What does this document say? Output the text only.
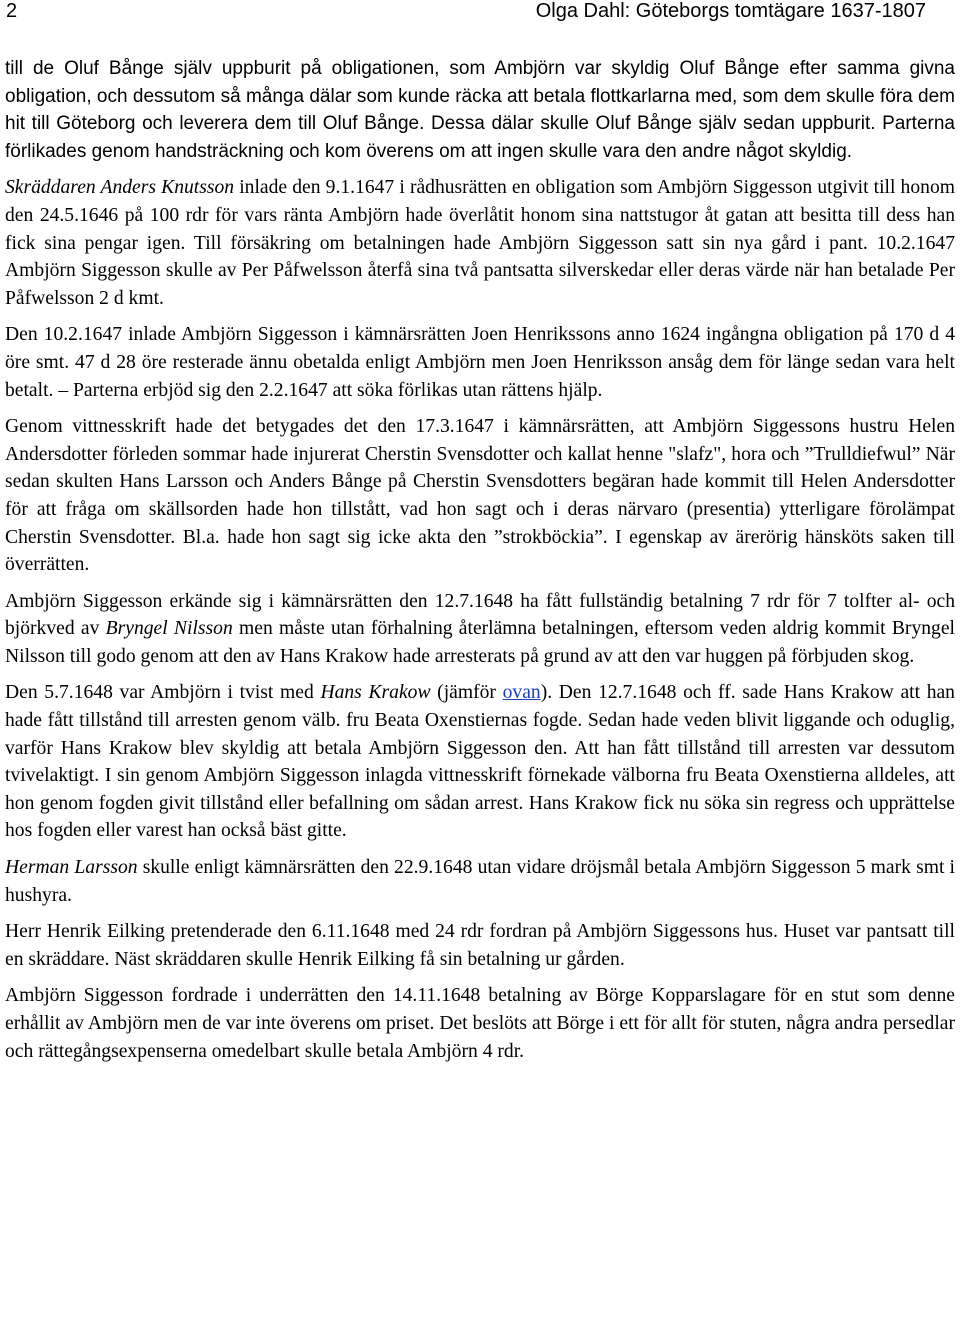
2	Olga Dahl: Göteborgs tomtägare 1637-1807

till de Oluf Bånge själv uppburit på obligationen, som Ambjörn var skyldig Oluf Bånge efter samma givna obligation, och dessutom så många dälar som kunde räcka att betala flottkarlarna med, som dem skulle föra dem hit till Göteborg och leverera dem till Oluf Bånge. Dessa dälar skulle Oluf Bånge själv sedan uppburit. Parterna förlikades genom handsträckning och kom överens om att ingen skulle vara den andre något skyldig.

Skräddaren Anders Knutsson inlade den 9.1.1647 i rådhusrätten en obligation som Ambjörn Siggesson utgivit till honom den 24.5.1646 på 100 rdr för vars ränta Ambjörn hade överlåtit honom sina nattstugor åt gatan att besitta till dess han fick sina pengar igen. Till försäkring om betalningen hade Ambjörn Siggesson satt sin nya gård i pant. 10.2.1647 Ambjörn Siggesson skulle av Per Påfwelsson återfå sina två pantsatta silverskedar eller deras värde när han betalade Per Påfwelsson 2 d kmt.

Den 10.2.1647 inlade Ambjörn Siggesson i kämnärsrätten Joen Henrikssons anno 1624 ingångna obligation på 170 d 4 öre smt. 47 d 28 öre resterade ännu obetalda enligt Ambjörn men Joen Henriksson ansåg dem för länge sedan vara helt betalt. – Parterna erbjöd sig den 2.2.1647 att söka förlikas utan rättens hjälp.

Genom vittnesskrift hade det betygades det den 17.3.1647 i kämnärsrätten, att Ambjörn Siggessons hustru Helen Andersdotter förleden sommar hade injurerat Cherstin Svensdotter och kallat henne "slafz", hora och ”Trulldiefwul” När sedan skulten Hans Larsson och Anders Bånge på Cherstin Svensdotters begäran hade kommit till Helen Andersdotter för att fråga om skällsorden hade hon tillstått, vad hon sagt och i deras närvaro (presentia) ytterligare förolämpat Cherstin Svensdotter. Bl.a. hade hon sagt sig icke akta den ”strokböckia”. I egenskap av ärerörig hänsköts saken till överrätten.

Ambjörn Siggesson erkände sig i kämnärsrätten den 12.7.1648 ha fått fullständig betalning 7 rdr för 7 tolfter al- och björkved av Bryngel Nilsson men måste utan förhalning återlämna betalningen, eftersom veden aldrig kommit Bryngel Nilsson till godo genom att den av Hans Krakow hade arresterats på grund av att den var huggen på förbjuden skog.

Den 5.7.1648 var Ambjörn i tvist med Hans Krakow (jämför ovan). Den 12.7.1648 och ff. sade Hans Krakow att han hade fått tillstånd till arresten genom välb. fru Beata Oxenstiernas fogde. Sedan hade veden blivit liggande och oduglig, varför Hans Krakow blev skyldig att betala Ambjörn Siggesson den. Att han fått tillstånd till arresten var dessutom tvivelaktigt. I sin genom Ambjörn Siggesson inlagda vittnesskrift förnekade välborna fru Beata Oxenstierna alldeles, att hon genom fogden givit tillstånd eller befallning om sådan arrest. Hans Krakow fick nu söka sin regress och upprättelse hos fogden eller varest han också bäst gitte.

Herman Larsson skulle enligt kämnärsrätten den 22.9.1648 utan vidare dröjsmål betala Ambjörn Siggesson 5 mark smt i hushyra.

Herr Henrik Eilking pretenderade den 6.11.1648 med 24 rdr fordran på Ambjörn Siggessons hus. Huset var pantsatt till en skräddare. Näst skräddaren skulle Henrik Eilking få sin betalning ur gården.

Ambjörn Siggesson fordrade i underrätten den 14.11.1648 betalning av Börge Kopparslagare för en stut som denne erhållit av Ambjörn men de var inte överens om priset. Det beslöts att Börge i ett för allt för stuten, några andra persedlar och rättegångsexpenserna omedelbart skulle betala Ambjörn 4 rdr.
